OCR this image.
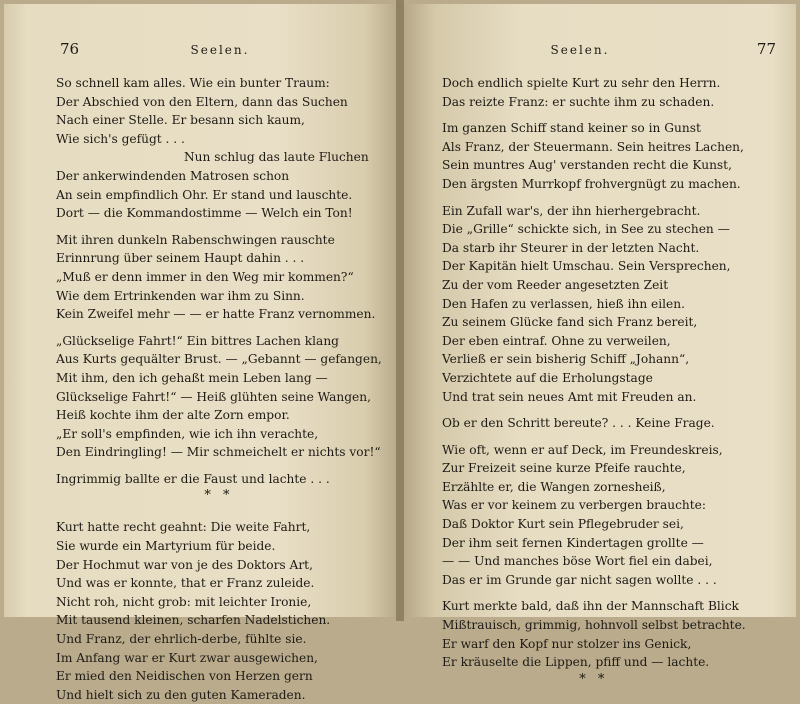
76	Seelen.
So schnell kam alles. Wie ein bunter Traum:
Der Abschied von den Eltern, dann das Suchen
Nach einer Stelle. Er besann sich kaum,
Wie sich's gefügt . . .
Nun schlug das laute Fluchen
Der ankerwindenden Matrosen schon
An sein empfindlich Ohr. Er stand und lauschte.
Dort — die Kommandostimme — Welch ein Ton!
Mit ihren dunkeln Rabenschwingen rauschte
Erinnrung über seinem Haupt dahin . . .
„Muß er denn immer in den Weg mir kommen?“
Wie dem Ertrinkenden war ihm zu Sinn.
Kein Zweifel mehr — — er hatte Franz vernommen.
„Glückselige Fahrt!“ Ein bittres Lachen klang
Aus Kurts gequälter Brust. — „Gebannt — gefangen,
Mit ihm, den ich gehaßt mein Leben lang —
Glückselige Fahrt!“ — Heiß glühten seine Wangen,
Heiß kochte ihm der alte Zorn empor.
„Er soll's empfinden, wie ich ihn verachte,
Den Eindringling! — Mir schmeichelt er nichts vor!“
Ingrimmig ballte er die Faust und lachte . . .
* *
Kurt hatte recht geahnt: Die weite Fahrt,
Sie wurde ein Martyrium für beide.
Der Hochmut war von je des Doktors Art,
Und was er konnte, that er Franz zuleide.
Nicht roh, nicht grob: mit leichter Ironie,
Mit tausend kleinen, scharfen Nadelstichen.
Und Franz, der ehrlich-derbe, fühlte sie.
Im Anfang war er Kurt zwar ausgewichen,
Er mied den Neidischen von Herzen gern
Und hielt sich zu den guten Kameraden.
Seelen.	77
Doch endlich spielte Kurt zu sehr den Herrn.
Das reizte Franz: er suchte ihm zu schaden.
Im ganzen Schiff stand keiner so in Gunst
Als Franz, der Steuermann. Sein heitres Lachen,
Sein muntres Aug' verstanden recht die Kunst,
Den ärgsten Murrkopf frohvergnügt zu machen.
Ein Zufall war's, der ihn hierhergebracht.
Die „Grille“ schickte sich, in See zu stechen —
Da starb ihr Steurer in der letzten Nacht.
Der Kapitän hielt Umschau. Sein Versprechen,
Zu der vom Reeder angesetzten Zeit
Den Hafen zu verlassen, hieß ihn eilen.
Zu seinem Glücke fand sich Franz bereit,
Der eben eintraf. Ohne zu verweilen,
Verließ er sein bisherig Schiff „Johann“,
Verzichtete auf die Erholungstage
Und trat sein neues Amt mit Freuden an.
Ob er den Schritt bereute? . . . Keine Frage.
Wie oft, wenn er auf Deck, im Freundeskreis,
Zur Freizeit seine kurze Pfeife rauchte,
Erzählte er, die Wangen zorneshеiß,
Was er vor keinem zu verbergen brauchte:
Daß Doktor Kurt sein Pflegebruder sei,
Der ihm seit fernen Kindertagen grollte —
— — Und manches böse Wort fiel ein dabei,
Das er im Grunde gar nicht sagen wollte . . .
Kurt merkte bald, daß ihn der Mannschaft Blick
Mißtrauisch, grimmig, hohnvoll selbst betrachte.
Er warf den Kopf nur stolzer ins Genick,
Er kräuselte die Lippen, pfiff und — lachte.
* *
